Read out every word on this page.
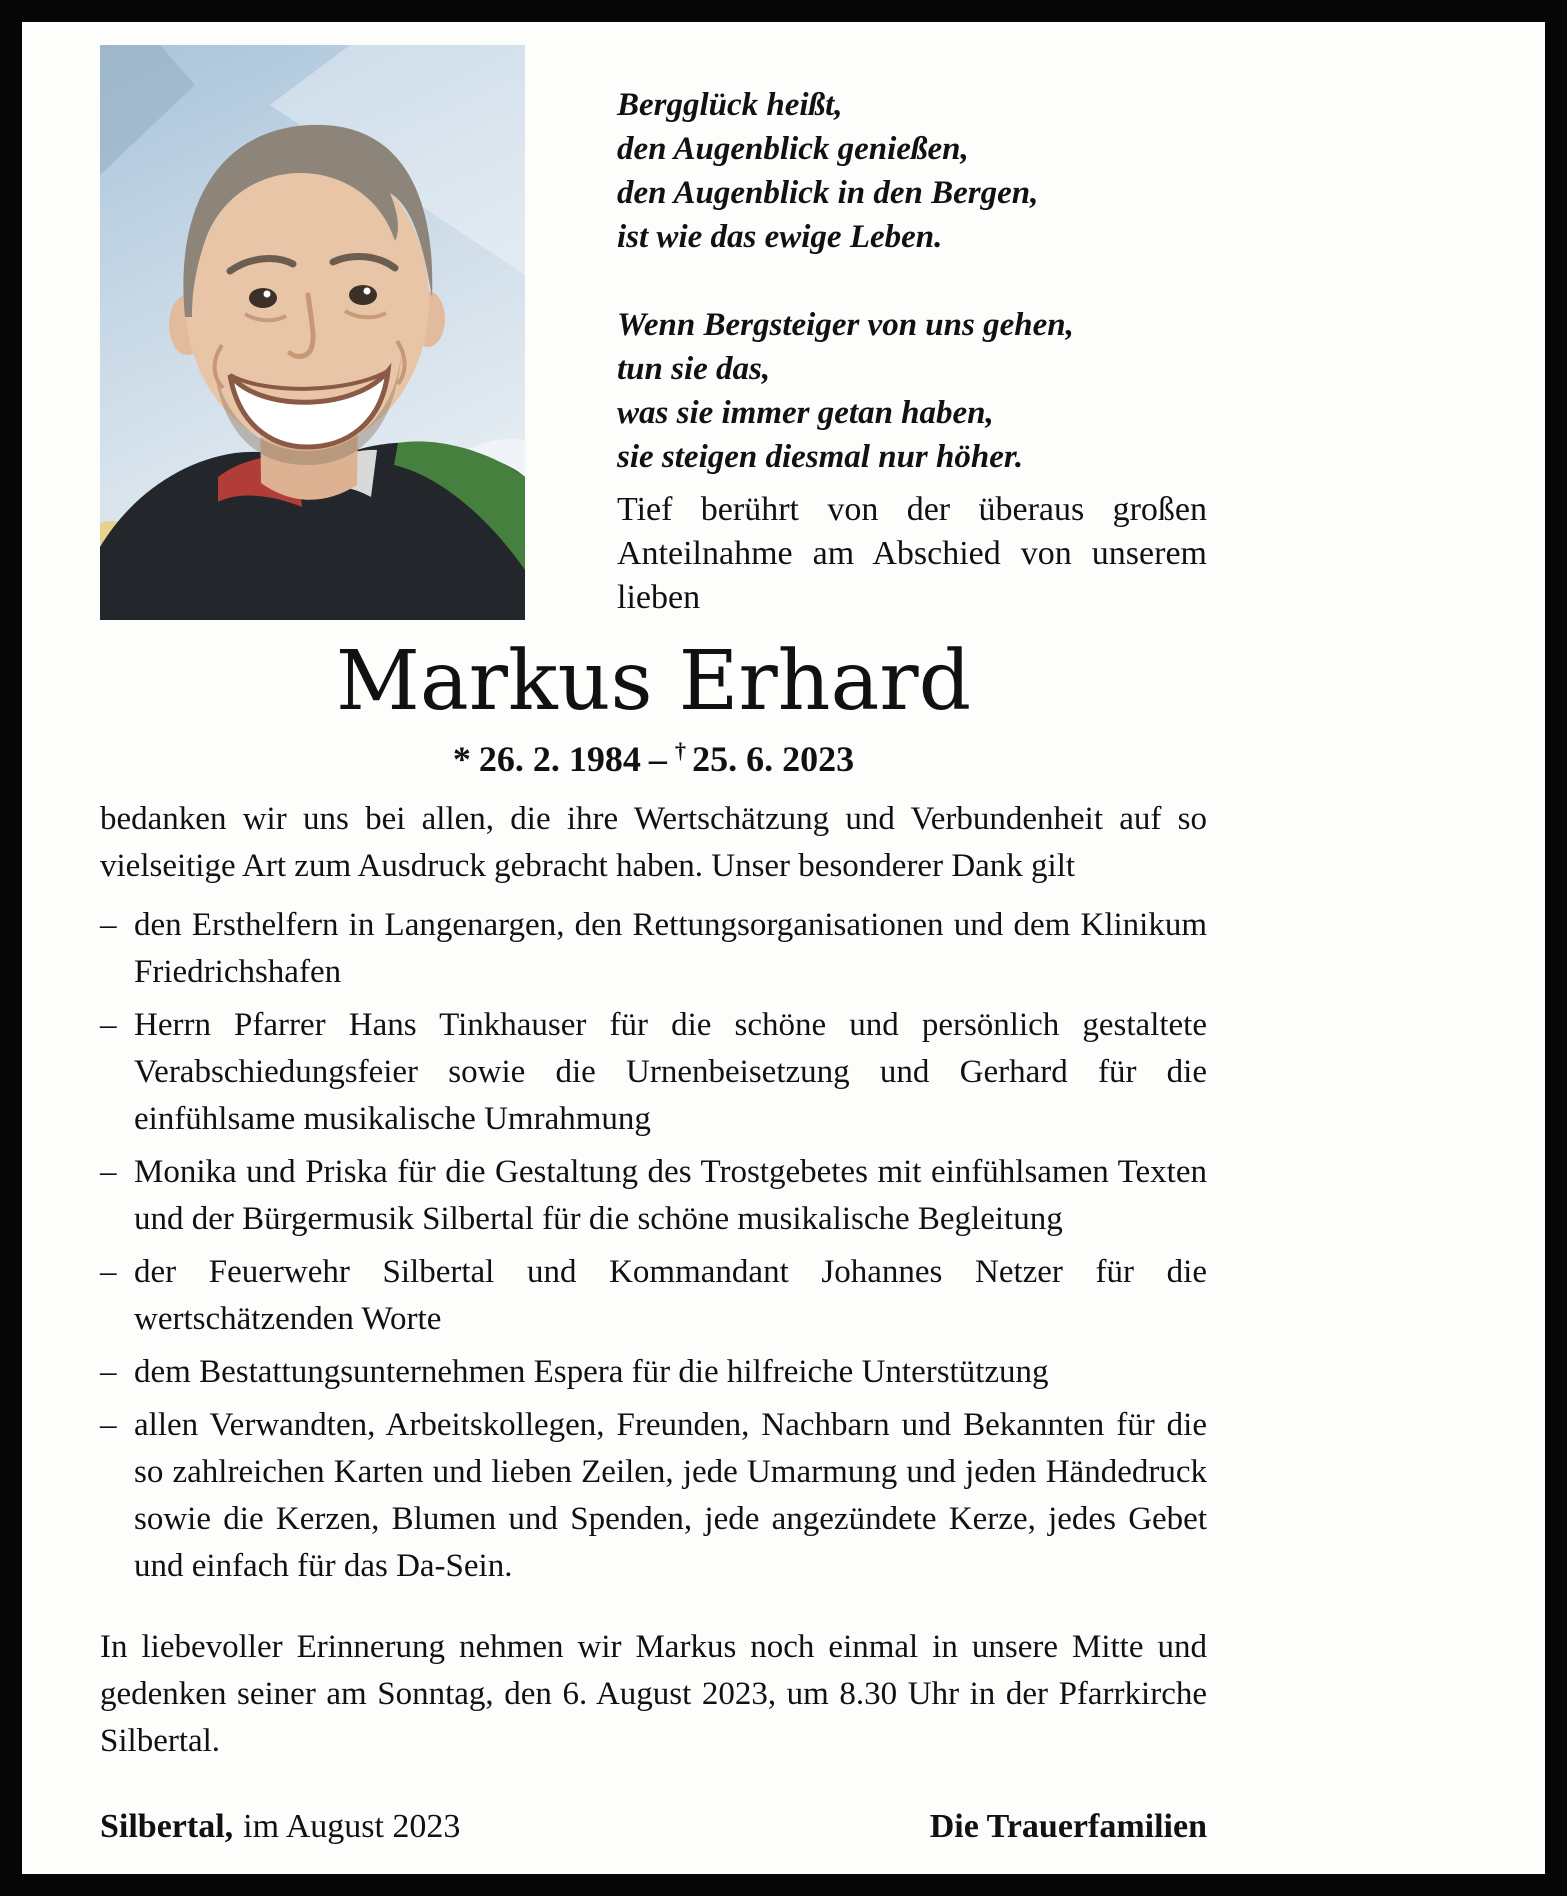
Bergglück heißt,

den Augenblick genießen,

den Augenblick in den Bergen,

ist wie das ewige Leben.

Wenn Bergsteiger von uns gehen,

tun sie das,

was sie immer getan haben,

sie steigen diesmal nur höher.

Tief berührt von der überaus großen Anteilnahme am Abschied von unserem lieben

Markus Erhard
* 26. 2. 1984 – † 25. 6. 2023

bedanken wir uns bei allen, die ihre Wertschätzung und Verbundenheit auf so vielseitige Art zum Ausdruck gebracht haben. Unser besonderer Dank gilt

– den Ersthelfern in Langenargen, den Rettungsorganisationen und dem Klinikum Friedrichshafen

– Herrn Pfarrer Hans Tinkhauser für die schöne und persönlich gestaltete Verabschiedungsfeier sowie die Urnenbeisetzung und Gerhard für die einfühlsame musikalische Umrahmung

– Monika und Priska für die Gestaltung des Trostgebetes mit einfühlsamen Texten und der Bürgermusik Silbertal für die schöne musikalische Begleitung

– der Feuerwehr Silbertal und Kommandant Johannes Netzer für die wertschätzenden Worte

– dem Bestattungsunternehmen Espera für die hilfreiche Unterstützung

– allen Verwandten, Arbeitskollegen, Freunden, Nachbarn und Bekannten für die so zahlreichen Karten und lieben Zeilen, jede Umarmung und jeden Händedruck sowie die Kerzen, Blumen und Spenden, jede angezündete Kerze, jedes Gebet und einfach für das Da-Sein.

In liebevoller Erinnerung nehmen wir Markus noch einmal in unsere Mitte und gedenken seiner am Sonntag, den 6. August 2023, um 8.30 Uhr in der Pfarrkirche Silbertal.

Silbertal, im August 2023	Die Trauerfamilien
